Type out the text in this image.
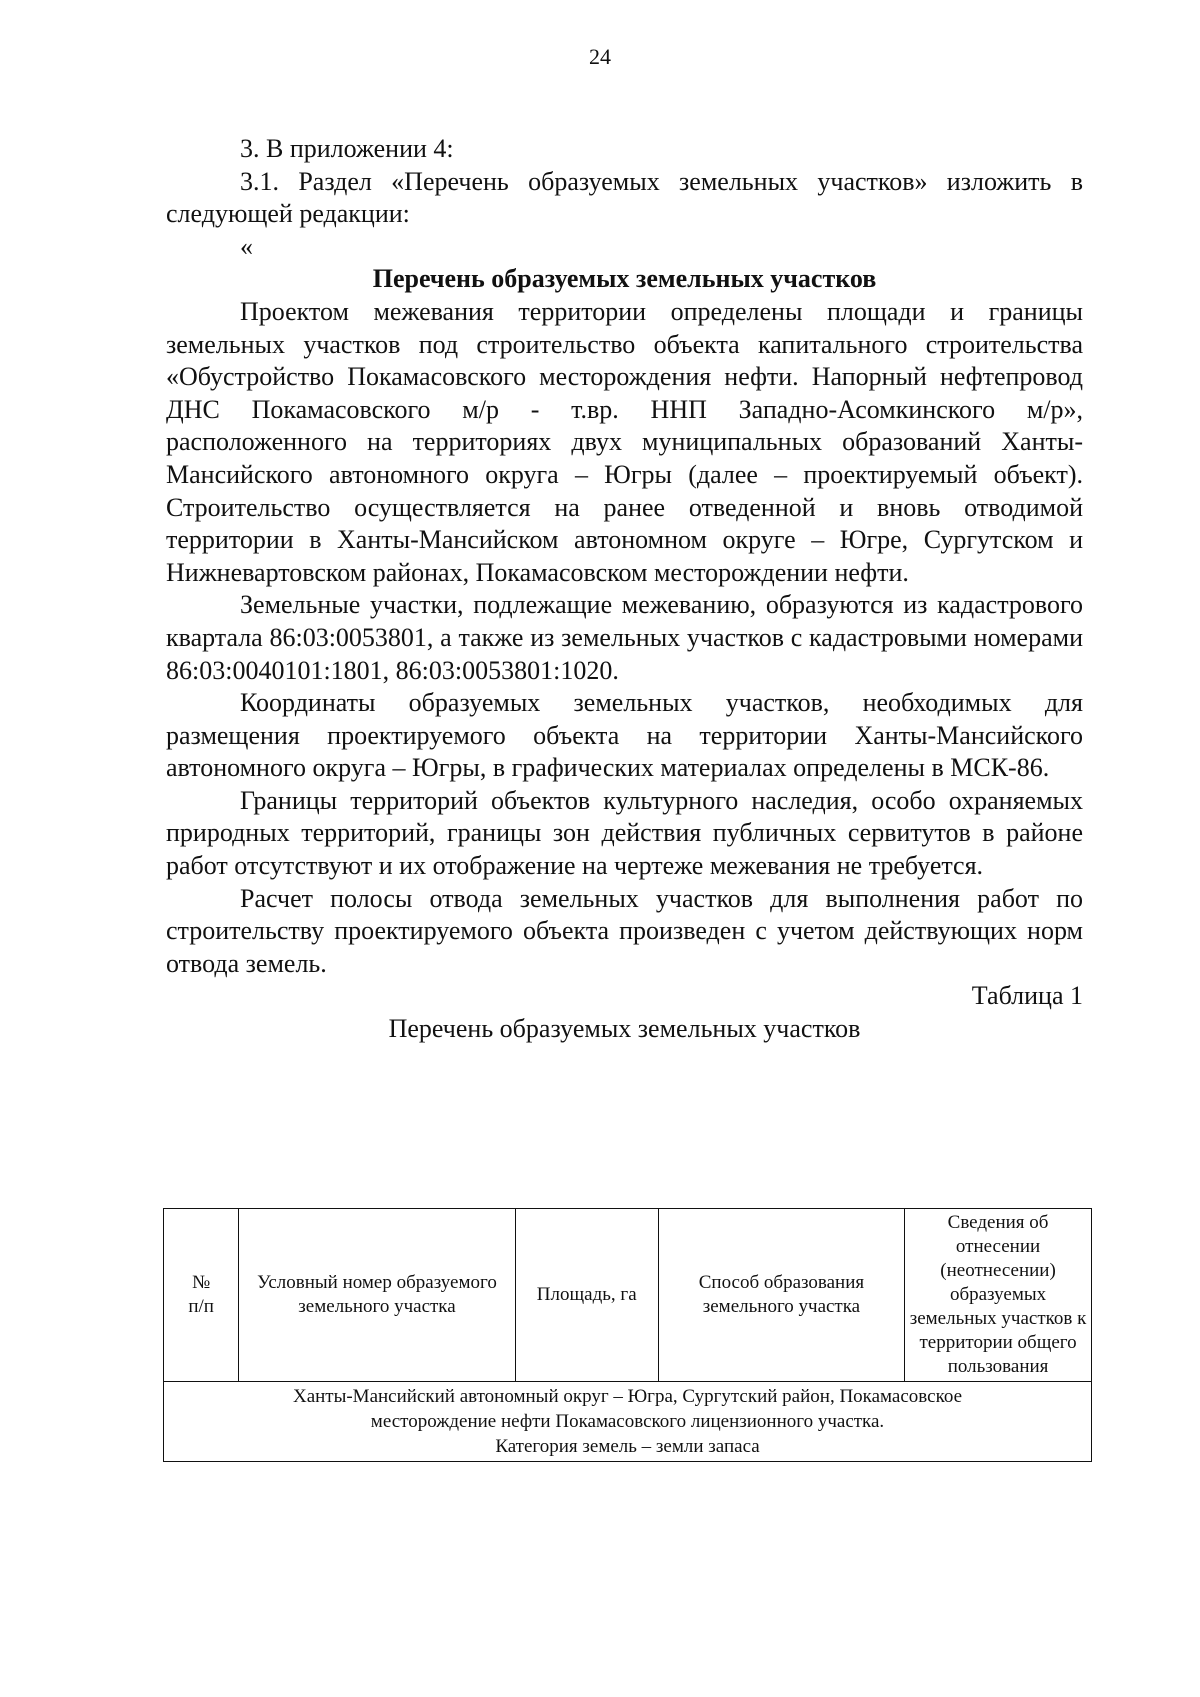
24

3. В приложении 4:

3.1. Раздел «Перечень образуемых земельных участков» изложить в следующей редакции:

«

Перечень образуемых земельных участков

Проектом межевания территории определены площади и границы земельных участков под строительство объекта капитального строительства «Обустройство Покамасовского месторождения нефти. Напорный нефтепровод ДНС Покамасовского м/р - т.вр. ННП Западно-Асомкинского м/р», расположенного на территориях двух муниципальных образований Ханты-Мансийского автономного округа – Югры (далее – проектируемый объект). Строительство осуществляется на ранее отведенной и вновь отводимой территории в Ханты-Мансийском автономном округе – Югре, Сургутском и Нижневартовском районах, Покамасовском месторождении нефти.

Земельные участки, подлежащие межеванию, образуются из кадастрового квартала 86:03:0053801, а также из земельных участков с кадастровыми номерами 86:03:0040101:1801, 86:03:0053801:1020.

Координаты образуемых земельных участков, необходимых для размещения проектируемого объекта на территории Ханты-Мансийского автономного округа – Югры, в графических материалах определены в МСК-86.

Границы территорий объектов культурного наследия, особо охраняемых природных территорий, границы зон действия публичных сервитутов в районе работ отсутствуют и их отображение на чертеже межевания не требуется.

Расчет полосы отвода земельных участков для выполнения работ по строительству проектируемого объекта произведен с учетом действующих норм отвода земель.

Таблица 1

Перечень образуемых земельных участков

№
п/п	Условный номер образуемого земельного участка	Площадь, га	Способ образования земельного участка	Сведения об отнесении (неотнесении) образуемых земельных участков к территории общего пользования
Ханты-Мансийский автономный округ – Югра, Сургутский район, Покамасовское
месторождение нефти Покамасовского лицензионного участка.
Категория земель – земли запаса
